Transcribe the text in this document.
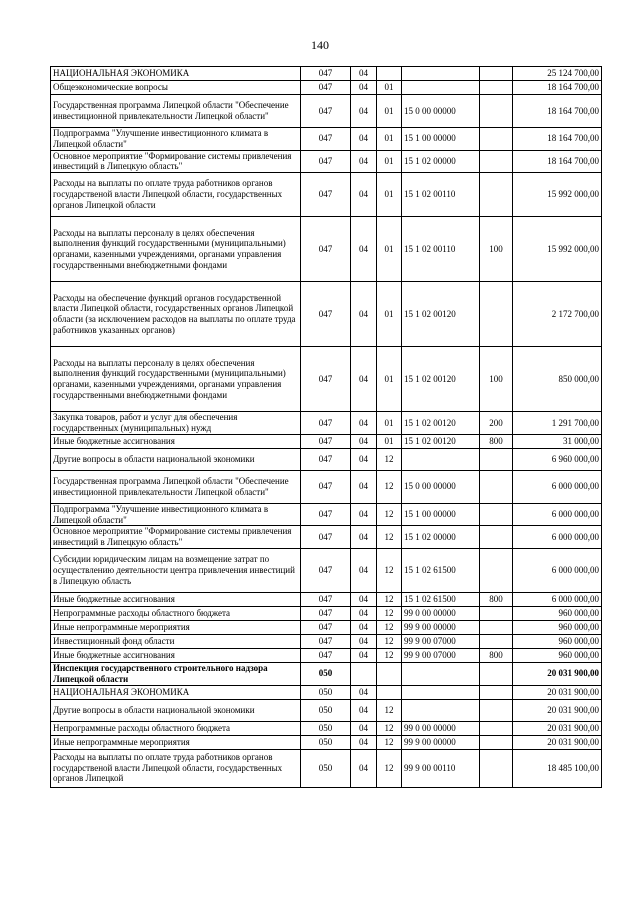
140
НАЦИОНАЛЬНАЯ ЭКОНОМИКА	047	04				25 124 700,00
Общеэкономические вопросы	047	04	01			18 164 700,00
Государственная программа Липецкой области "Обеспечение инвестиционной привлекательности Липецкой области"	047	04	01	15 0 00 00000		18 164 700,00
Подпрограмма "Улучшение инвестиционного климата в Липецкой области"	047	04	01	15 1 00 00000		18 164 700,00
Основное мероприятие "Формирование системы привлечения инвестиций в Липецкую область"	047	04	01	15 1 02 00000		18 164 700,00
Расходы на выплаты по оплате труда работников органов государственой власти Липецкой области, государственных органов Липецкой области	047	04	01	15 1 02 00110		15 992 000,00
Расходы на выплаты персоналу в целях обеспечения выполнения функций государственными (муниципальными) органами, казенными учреждениями, органами управления государственными внебюджетными фондами	047	04	01	15 1 02 00110	100	15 992 000,00
Расходы на обеспечение функций органов государственной власти Липецкой области, государственных органов Липецкой области (за исключением расходов на выплаты по оплате труда работников указанных органов)	047	04	01	15 1 02 00120		2 172 700,00
Расходы на выплаты персоналу в целях обеспечения выполнения функций государственными (муниципальными) органами, казенными учреждениями, органами управления государственными внебюджетными фондами	047	04	01	15 1 02 00120	100	850 000,00
Закупка товаров, работ и услуг для обеспечения государственных (муниципальных) нужд	047	04	01	15 1 02 00120	200	1 291 700,00
Иные бюджетные ассигнования	047	04	01	15 1 02 00120	800	31 000,00
Другие вопросы в области национальной экономики	047	04	12			6 960 000,00
Государственная программа Липецкой области "Обеспечение инвестиционной привлекательности Липецкой области"	047	04	12	15 0 00 00000		6 000 000,00
Подпрограмма "Улучшение инвестиционного климата в Липецкой области"	047	04	12	15 1 00 00000		6 000 000,00
Основное мероприятие "Формирование системы привлечения инвестиций в Липецкую область"	047	04	12	15 1 02 00000		6 000 000,00
Субсидии юридическим лицам на возмещение затрат по осуществлению деятельности центра привлечения инвестиций в Липецкую область	047	04	12	15 1 02 61500		6 000 000,00
Иные бюджетные ассигнования	047	04	12	15 1 02 61500	800	6 000 000,00
Непрограммные расходы областного бюджета	047	04	12	99 0 00 00000		960 000,00
Иные непрограммные мероприятия	047	04	12	99 9 00 00000		960 000,00
Инвестиционный фонд области	047	04	12	99 9 00 07000		960 000,00
Иные бюджетные ассигнования	047	04	12	99 9 00 07000	800	960 000,00
Инспекция государственного строительного надзора Липецкой области	050					20 031 900,00
НАЦИОНАЛЬНАЯ ЭКОНОМИКА	050	04				20 031 900,00
Другие вопросы в области национальной экономики	050	04	12			20 031 900,00
Непрограммные расходы областного бюджета	050	04	12	99 0 00 00000		20 031 900,00
Иные непрограммные мероприятия	050	04	12	99 9 00 00000		20 031 900,00
Расходы на выплаты по оплате труда работников органов государственой власти Липецкой области, государственных органов Липецкой	050	04	12	99 9 00 00110		18 485 100,00
